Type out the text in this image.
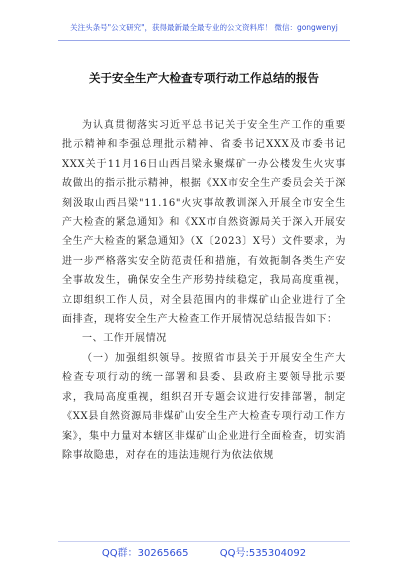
关注头条号"公文研究"，获得最新最全最专业的公文资料库！ 微信：gongwenyj
关于安全生产大检查专项行动工作总结的报告

为认真贯彻落实习近平总书记关于安全生产工作的重要批示精神和李强总理批示精神、省委书记XXX及市委书记XXX关于11月16日山西吕梁永聚煤矿一办公楼发生火灾事故做出的指示批示精神，根据《XX市安全生产委员会关于深刻汲取山西吕梁"11.16"火灾事故教训深入开展全市安全生产大检查的紧急通知》和《XX市自然资源局关于深入开展安全生产大检查的紧急通知》（X〔2023〕X号）文件要求，为进一步严格落实安全防范责任和措施，有效扼制各类生产安全事故发生，确保安全生产形势持续稳定，我局高度重视，立即组织工作人员，对全县范围内的非煤矿山企业进行了全面排查，现将安全生产大检查工作开展情况总结报告如下：

一、工作开展情况

（一）加强组织领导。按照省市县关于开展安全生产大检查专项行动的统一部署和县委、县政府主要领导批示要求，我局高度重视，组织召开专题会议进行安排部署，制定《XX县自然资源局非煤矿山安全生产大检查专项行动工作方案》，集中力量对本辖区非煤矿山企业进行全面检查，切实消除事故隐患，对存在的违法违规行为依法依规

QQ群：30265665	QQ号:535304092
